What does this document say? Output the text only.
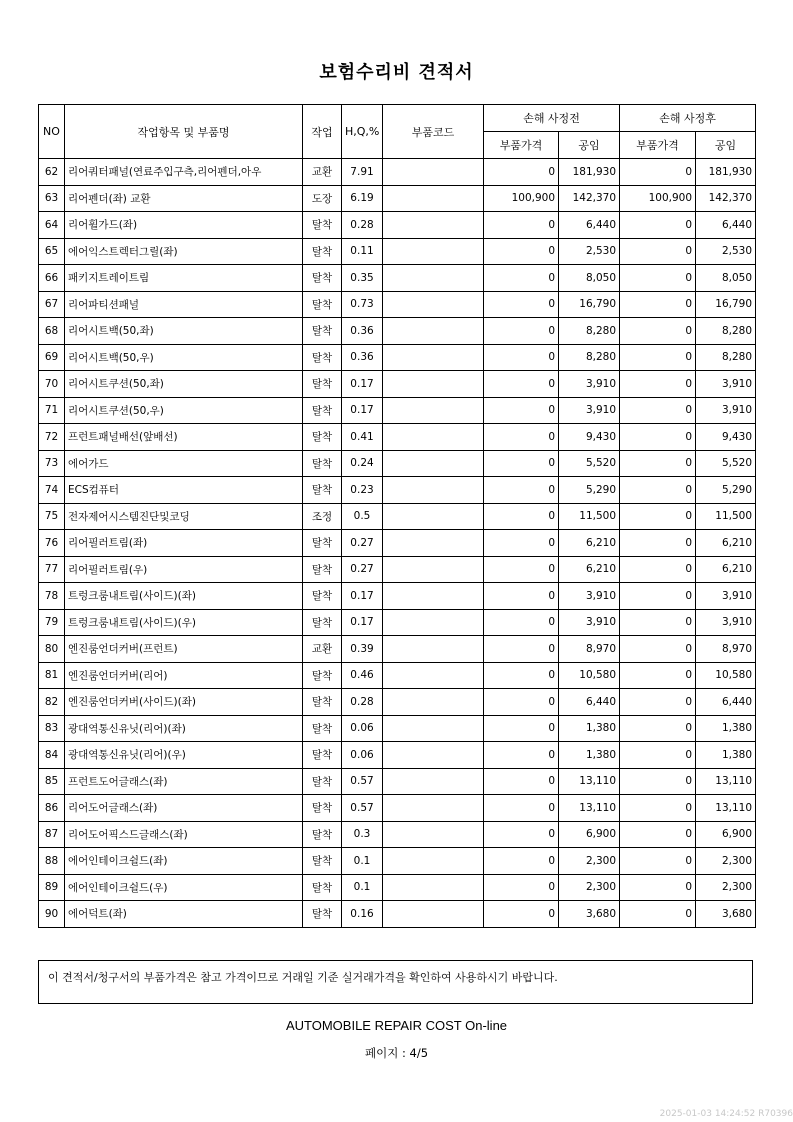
보험수리비 견적서
NO	작업항목 및 부품명	작업	H,Q,%	부품코드	손해 사정전		손해 사정후	
					부품가격	공임	부품가격	공임
62	리어쿼터패널(연료주입구측,리어펜더,아우	교환	7.91		0	181,930	0	181,930
63	리어펜더(좌) 교환	도장	6.19		100,900	142,370	100,900	142,370
64	리어휠가드(좌)	탈착	0.28		0	6,440	0	6,440
65	에어익스트렉터그릴(좌)	탈착	0.11		0	2,530	0	2,530
66	패키지트레이트림	탈착	0.35		0	8,050	0	8,050
67	리어파티션패널	탈착	0.73		0	16,790	0	16,790
68	리어시트백(50,좌)	탈착	0.36		0	8,280	0	8,280
69	리어시트백(50,우)	탈착	0.36		0	8,280	0	8,280
70	리어시트쿠션(50,좌)	탈착	0.17		0	3,910	0	3,910
71	리어시트쿠션(50,우)	탈착	0.17		0	3,910	0	3,910
72	프런트패널배선(앞배선)	탈착	0.41		0	9,430	0	9,430
73	에어가드	탈착	0.24		0	5,520	0	5,520
74	ECS컴퓨터	탈착	0.23		0	5,290	0	5,290
75	전자제어시스템진단및코딩	조정	0.5		0	11,500	0	11,500
76	리어필러트림(좌)	탈착	0.27		0	6,210	0	6,210
77	리어필러트림(우)	탈착	0.27		0	6,210	0	6,210
78	트렁크룸내트림(사이드)(좌)	탈착	0.17		0	3,910	0	3,910
79	트렁크룸내트림(사이드)(우)	탈착	0.17		0	3,910	0	3,910
80	엔진룸언더커버(프런트)	교환	0.39		0	8,970	0	8,970
81	엔진룸언더커버(리어)	탈착	0.46		0	10,580	0	10,580
82	엔진룸언더커버(사이드)(좌)	탈착	0.28		0	6,440	0	6,440
83	광대역통신유닛(리어)(좌)	탈착	0.06		0	1,380	0	1,380
84	광대역통신유닛(리어)(우)	탈착	0.06		0	1,380	0	1,380
85	프런트도어글래스(좌)	탈착	0.57		0	13,110	0	13,110
86	리어도어글래스(좌)	탈착	0.57		0	13,110	0	13,110
87	리어도어픽스드글래스(좌)	탈착	0.3		0	6,900	0	6,900
88	에어인테이크쉴드(좌)	탈착	0.1		0	2,300	0	2,300
89	에어인테이크쉴드(우)	탈착	0.1		0	2,300	0	2,300
90	에어덕트(좌)	탈착	0.16		0	3,680	0	3,680
이 견적서/청구서의 부품가격은 참고 가격이므로 거래일 기준 실거래가격을 확인하여 사용하시기 바랍니다.
AUTOMOBILE REPAIR COST On-line
페이지 : 4/5
2025-01-03 14:24:52 R70396
